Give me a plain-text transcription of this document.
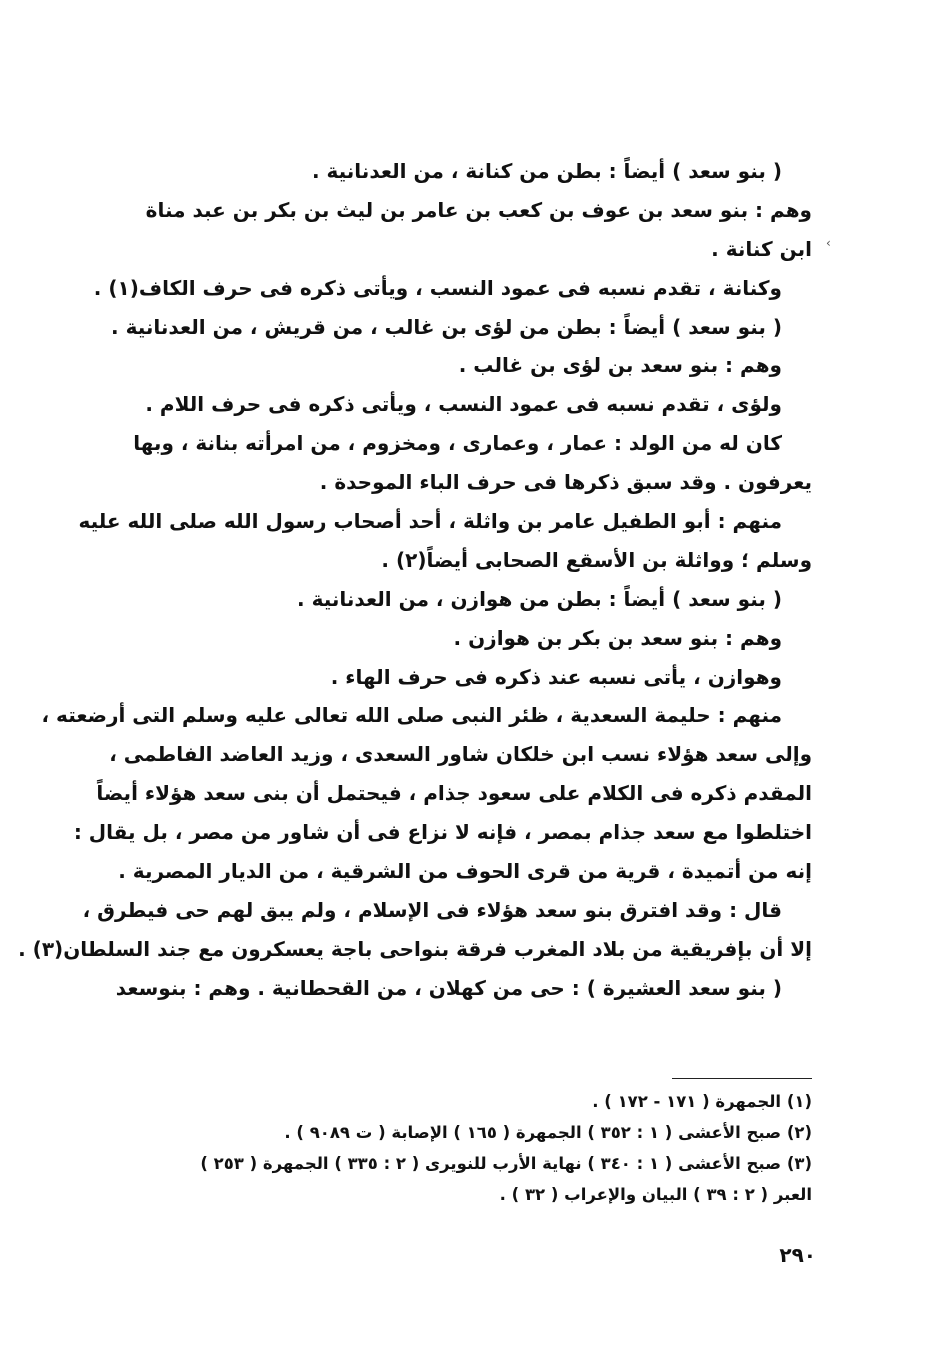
( بنو سعد ) أيضاً : بطن من كنانة ، من العدنانية .
وهم : بنو سعد بن عوف بن كعب بن عامر بن ليث بن بكر بن عبد مناة
ابن كنانة .
وكنانة ، تقدم نسبه فى عمود النسب ، ويأتى ذكره فى حرف الكاف(١) .
( بنو سعد ) أيضاً : بطن من لؤى بن غالب ، من قريش ، من العدنانية .
وهم : بنو سعد بن لؤى بن غالب .
ولؤى ، تقدم نسبه فى عمود النسب ، ويأتى ذكره فى حرف اللام .
كان له من الولد : عمار ، وعمارى ، ومخزوم ، من امرأته بنانة ، وبها
يعرفون . وقد سبق ذكرها فى حرف الباء الموحدة .
منهم : أبو الطفيل عامر بن واثلة ، أحد أصحاب رسول الله صلى الله عليه
وسلم ؛ وواثلة بن الأسقع الصحابى أيضاً(٢) .
( بنو سعد ) أيضاً : بطن من هوازن ، من العدنانية .
وهم : بنو سعد بن بكر بن هوازن .
وهوازن ، يأتى نسبه عند ذكره فى حرف الهاء .
منهم : حليمة السعدية ، ظئر النبى صلى الله تعالى عليه وسلم التى أرضعته ،
وإلى سعد هؤلاء نسب ابن خلكان شاور السعدى ، وزيد العاضد الفاطمى ،
المقدم ذكره فى الكلام على سعود جذام ، فيحتمل أن بنى سعد هؤلاء أيضاً
اختلطوا مع سعد جذام بمصر ، فإنه لا نزاع فى أن شاور من مصر ، بل يقال :
إنه من أتميدة ، قرية من قرى الحوف من الشرقية ، من الديار المصرية .
قال : وقد افترق بنو سعد هؤلاء فى الإسلام ، ولم يبق لهم حى فيطرق ،
إلا أن بإفريقية من بلاد المغرب فرقة بنواحى باجة يعسكرون مع جند السلطان(٣) .
( بنو سعد العشيرة ) : حى من كهلان ، من القحطانية . وهم : بنوسعد
(١) الجمهرة ( ١٧١ - ١٧٢ ) .
(٢) صبح الأعشى ( ١ : ٣٥٢ ) الجمهرة ( ١٦٥ ) الإصابة ( ت ٩٠٨٩ ) .
(٣) صبح الأعشى ( ١ : ٣٤٠ ) نهاية الأرب للنويرى ( ٢ : ٣٣٥ ) الجمهرة ( ٢٥٣ )
العبر ( ٢ : ٣٩ ) البيان والإعراب ( ٣٢ ) .
٢٩٠
‹
